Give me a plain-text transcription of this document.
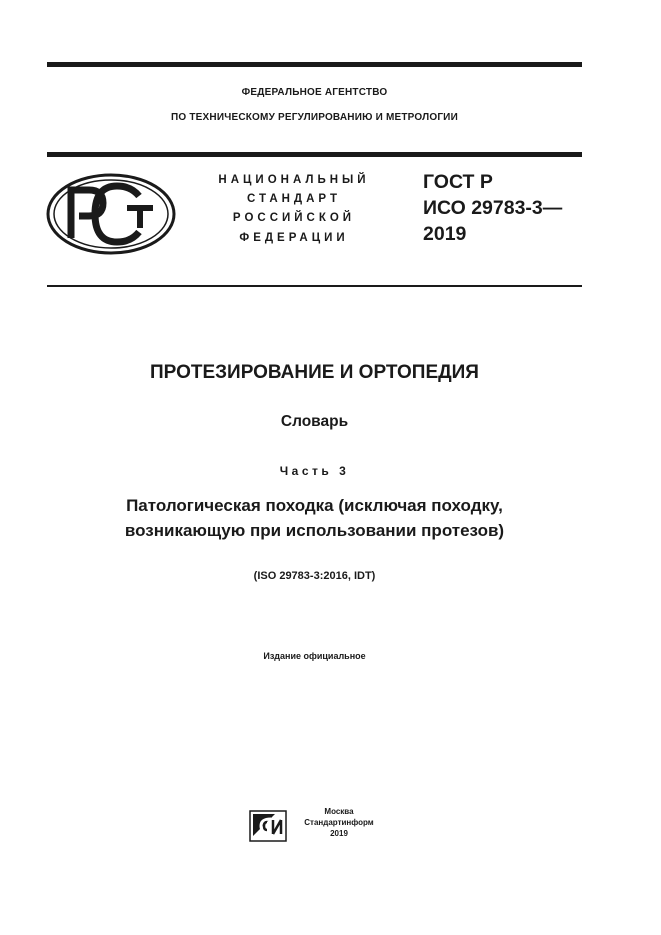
ФЕДЕРАЛЬНОЕ АГЕНТСТВО
ПО ТЕХНИЧЕСКОМУ РЕГУЛИРОВАНИЮ И МЕТРОЛОГИИ
НАЦИОНАЛЬНЫЙ
СТАНДАРТ
РОССИЙСКОЙ
ФЕДЕРАЦИИ
ГОСТ Р
ИСО 29783-3—
2019
ПРОТЕЗИРОВАНИЕ И ОРТОПЕДИЯ
Словарь
Часть 3
Патологическая походка (исключая походку,
возникающую при использовании протезов)
(ISO 29783-3:2016, IDT)
Издание официальное
Москва
Стандартинформ
2019
